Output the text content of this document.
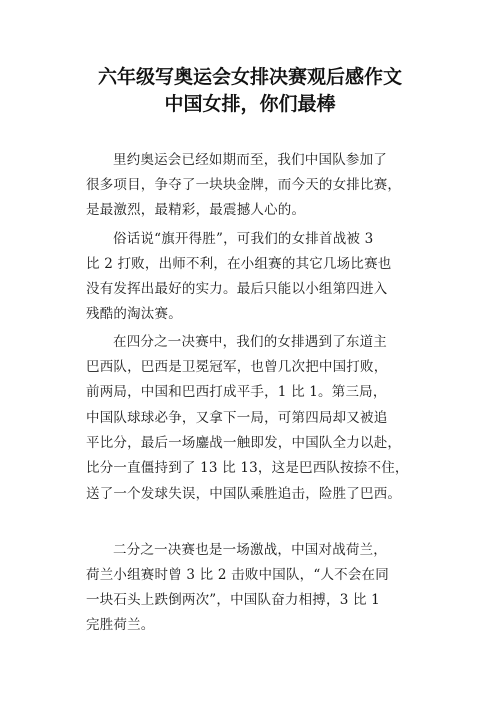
六年级写奥运会女排决赛观后感作文
中国女排，你们最棒
里约奥运会已经如期而至，我们中国队参加了
很多项目，争夺了一块块金牌，而今天的女排比赛，
是最激烈，最精彩，最震撼人心的。
俗话说“旗开得胜”，可我们的女排首战被 3
比 2 打败，出师不利，在小组赛的其它几场比赛也
没有发挥出最好的实力。最后只能以小组第四进入
残酷的淘汰赛。
在四分之一决赛中，我们的女排遇到了东道主
巴西队，巴西是卫冕冠军，也曾几次把中国打败，
前两局，中国和巴西打成平手，1 比 1。第三局，
中国队球球必争，又拿下一局，可第四局却又被追
平比分，最后一场鏖战一触即发，中国队全力以赴，
比分一直僵持到了 13 比 13，这是巴西队按捺不住，
送了一个发球失误，中国队乘胜追击，险胜了巴西。
二分之一决赛也是一场激战，中国对战荷兰，
荷兰小组赛时曾 3 比 2 击败中国队，“人不会在同
一块石头上跌倒两次”，中国队奋力相搏，3 比 1
完胜荷兰。
